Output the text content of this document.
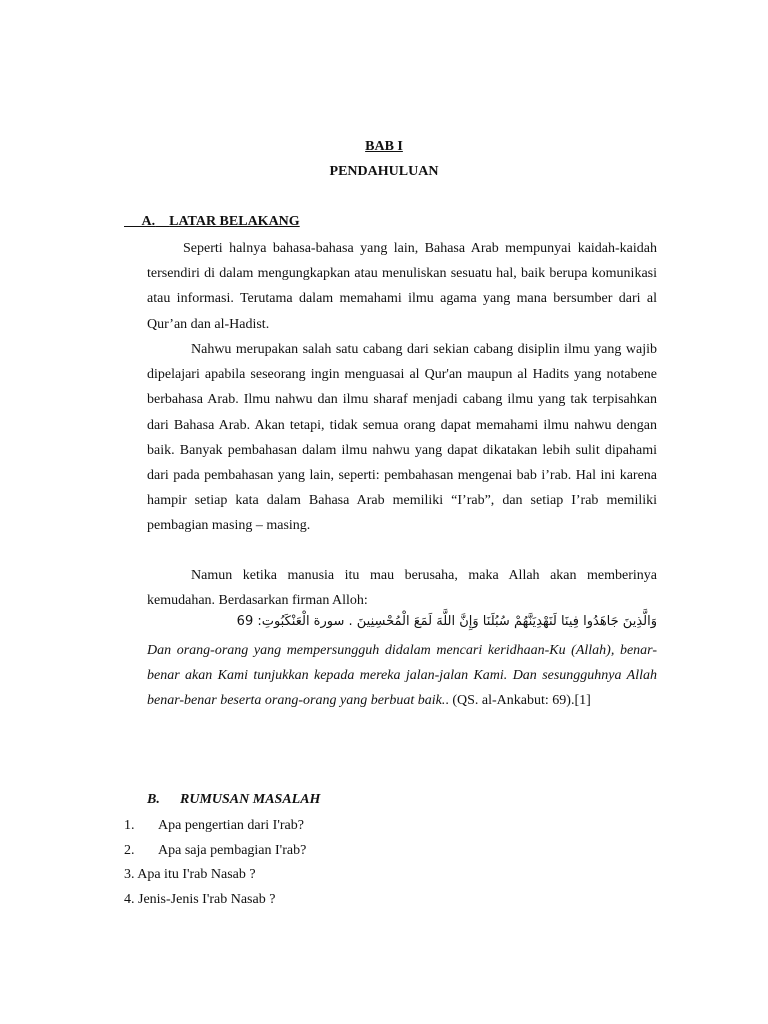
BAB I
PENDAHULUAN
A. LATAR BELAKANG
Seperti halnya bahasa-bahasa yang lain, Bahasa Arab mempunyai kaidah-kaidah tersendiri di dalam mengungkapkan atau menuliskan sesuatu hal, baik berupa komunikasi atau informasi. Terutama dalam memahami ilmu agama yang mana bersumber dari al Qur’an dan al-Hadist.
Nahwu merupakan salah satu cabang dari sekian cabang disiplin ilmu yang wajib dipelajari apabila seseorang ingin menguasai al Qur'an maupun al Hadits yang notabene berbahasa Arab. Ilmu nahwu dan ilmu sharaf menjadi cabang ilmu yang tak terpisahkan dari Bahasa Arab. Akan tetapi, tidak semua orang dapat memahami ilmu nahwu dengan baik. Banyak pembahasan dalam ilmu nahwu yang dapat dikatakan lebih sulit dipahami dari pada pembahasan yang lain, seperti: pembahasan mengenai bab i’rab. Hal ini karena hampir setiap kata dalam Bahasa Arab memiliki “I’rab”, dan setiap I’rab memiliki pembagian masing – masing.
Namun ketika manusia itu mau berusaha, maka Allah akan memberinya kemudahan. Berdasarkan firman Alloh:
وَالَّذِينَ جَاهَدُوا فِينَا لَنَهْدِيَنَّهُمْ سُبُلَنَا وَإِنَّ اللَّهَ لَمَعَ الْمُحْسِنِينَ . سورة الْعَنْكَبُوتِ: 69
Dan orang-orang yang mempersungguh didalam mencari keridhaan-Ku (Allah), benar-benar akan Kami tunjukkan kepada mereka jalan-jalan Kami. Dan sesungguhnya Allah benar-benar beserta orang-orang yang berbuat baik.. (QS. al-Ankabut: 69).[1]
B. RUMUSAN MASALAH
1. Apa pengertian dari I'rab?
2. Apa saja pembagian I'rab?
3. Apa itu I'rab Nasab ?
4. Jenis-Jenis I'rab Nasab ?
